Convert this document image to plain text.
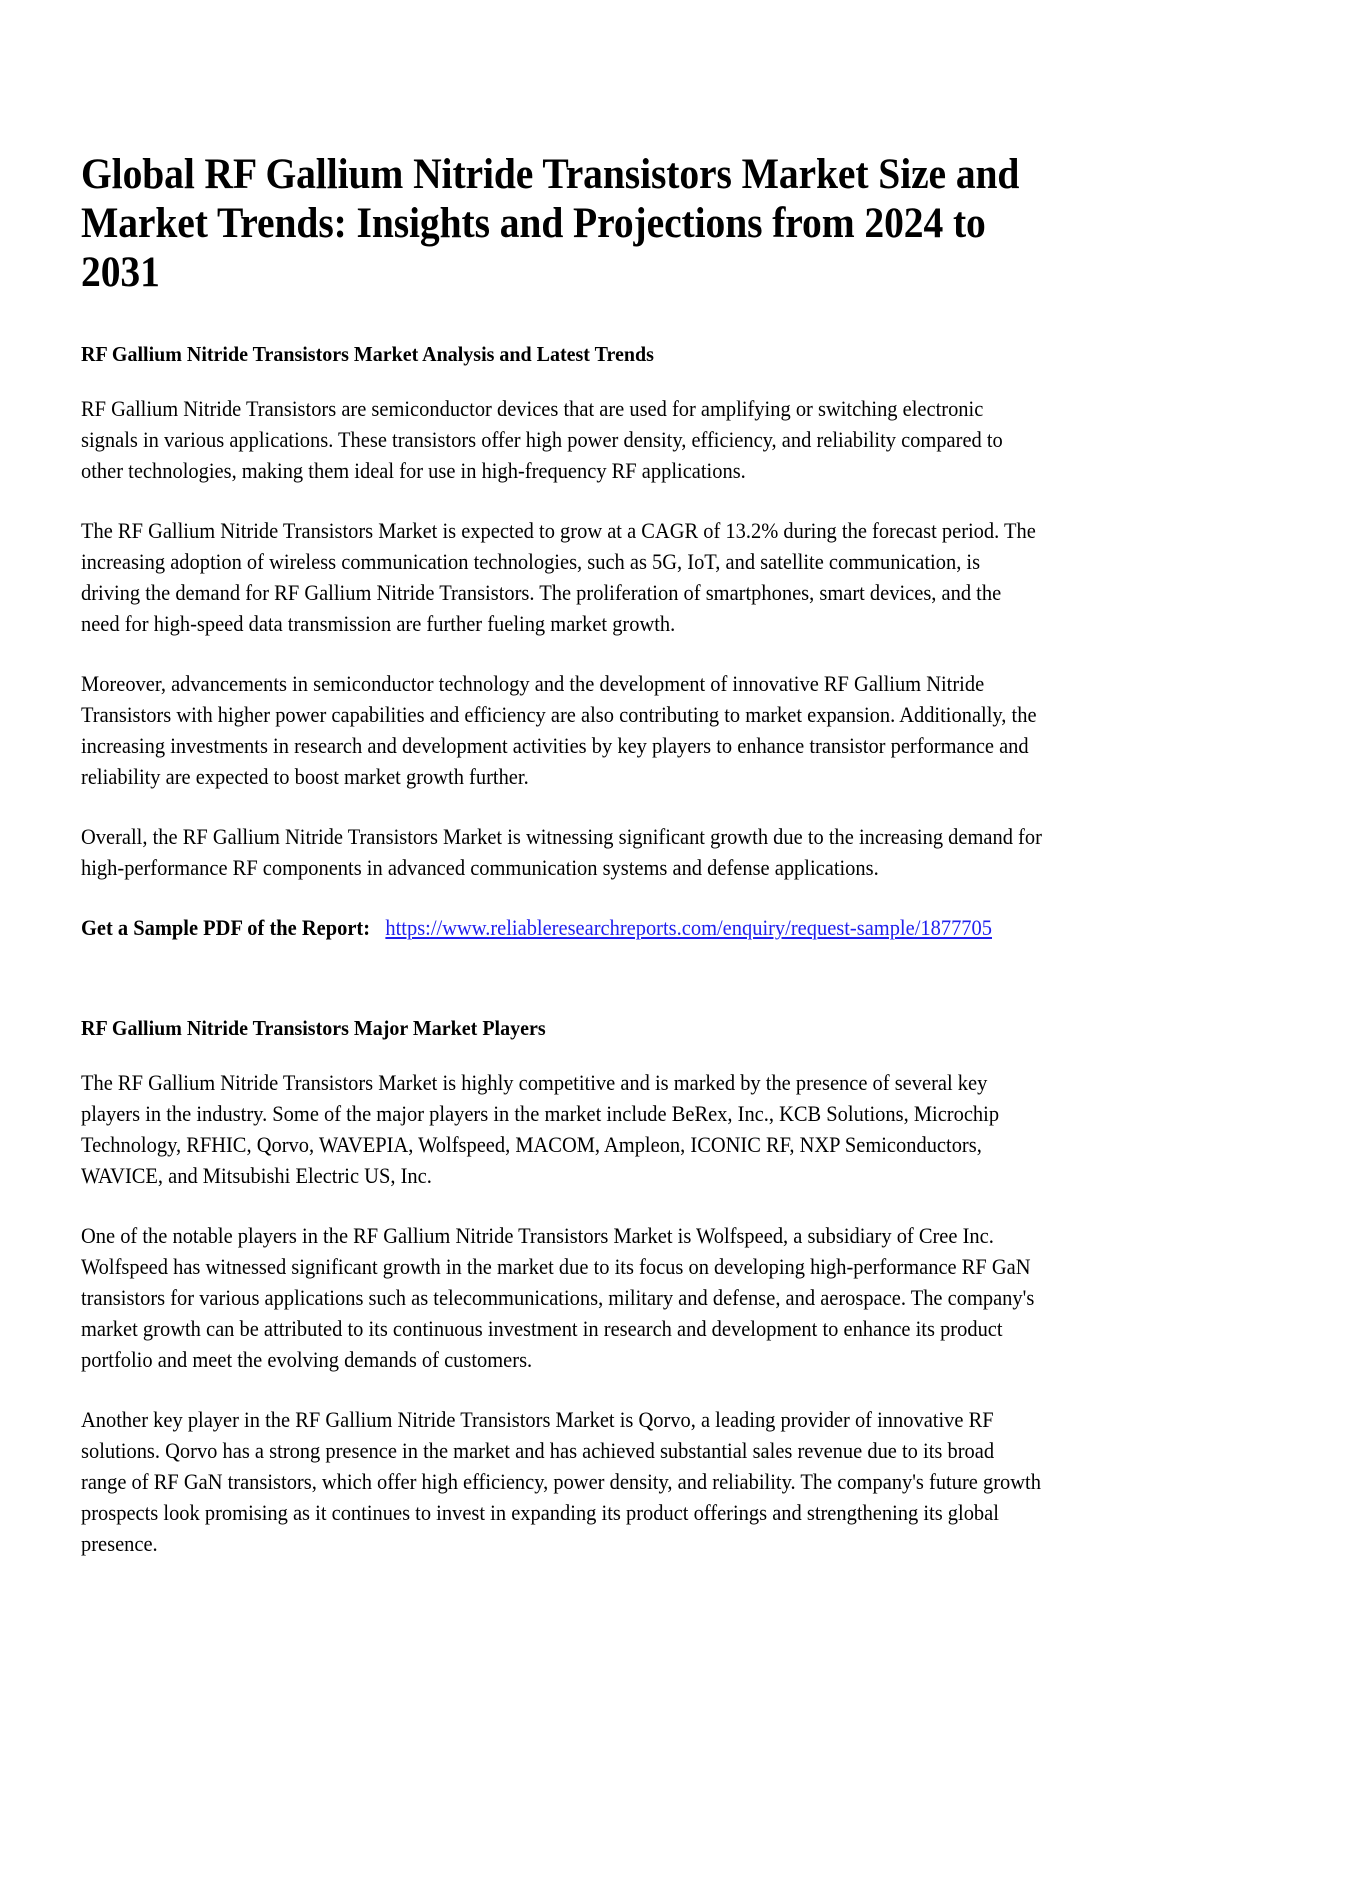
Global RF Gallium Nitride Transistors Market Size and Market Trends: Insights and Projections from 2024 to 2031
RF Gallium Nitride Transistors Market Analysis and Latest Trends

RF Gallium Nitride Transistors are semiconductor devices that are used for amplifying or switching electronic signals in various applications. These transistors offer high power density, efficiency, and reliability compared to other technologies, making them ideal for use in high-frequency RF applications.

The RF Gallium Nitride Transistors Market is expected to grow at a CAGR of 13.2% during the forecast period. The increasing adoption of wireless communication technologies, such as 5G, IoT, and satellite communication, is driving the demand for RF Gallium Nitride Transistors. The proliferation of smartphones, smart devices, and the need for high-speed data transmission are further fueling market growth.

Moreover, advancements in semiconductor technology and the development of innovative RF Gallium Nitride Transistors with higher power capabilities and efficiency are also contributing to market expansion. Additionally, the increasing investments in research and development activities by key players to enhance transistor performance and reliability are expected to boost market growth further.

Overall, the RF Gallium Nitride Transistors Market is witnessing significant growth due to the increasing demand for high-performance RF components in advanced communication systems and defense applications.

Get a Sample PDF of the Report: https://www.reliableresearchreports.com/enquiry/request-sample/1877705

RF Gallium Nitride Transistors Major Market Players

The RF Gallium Nitride Transistors Market is highly competitive and is marked by the presence of several key players in the industry. Some of the major players in the market include BeRex, Inc., KCB Solutions, Microchip Technology, RFHIC, Qorvo, WAVEPIA, Wolfspeed, MACOM, Ampleon, ICONIC RF, NXP Semiconductors, WAVICE, and Mitsubishi Electric US, Inc.

One of the notable players in the RF Gallium Nitride Transistors Market is Wolfspeed, a subsidiary of Cree Inc. Wolfspeed has witnessed significant growth in the market due to its focus on developing high-performance RF GaN transistors for various applications such as telecommunications, military and defense, and aerospace. The company's market growth can be attributed to its continuous investment in research and development to enhance its product portfolio and meet the evolving demands of customers.

Another key player in the RF Gallium Nitride Transistors Market is Qorvo, a leading provider of innovative RF solutions. Qorvo has a strong presence in the market and has achieved substantial sales revenue due to its broad range of RF GaN transistors, which offer high efficiency, power density, and reliability. The company's future growth prospects look promising as it continues to invest in expanding its product offerings and strengthening its global presence.
